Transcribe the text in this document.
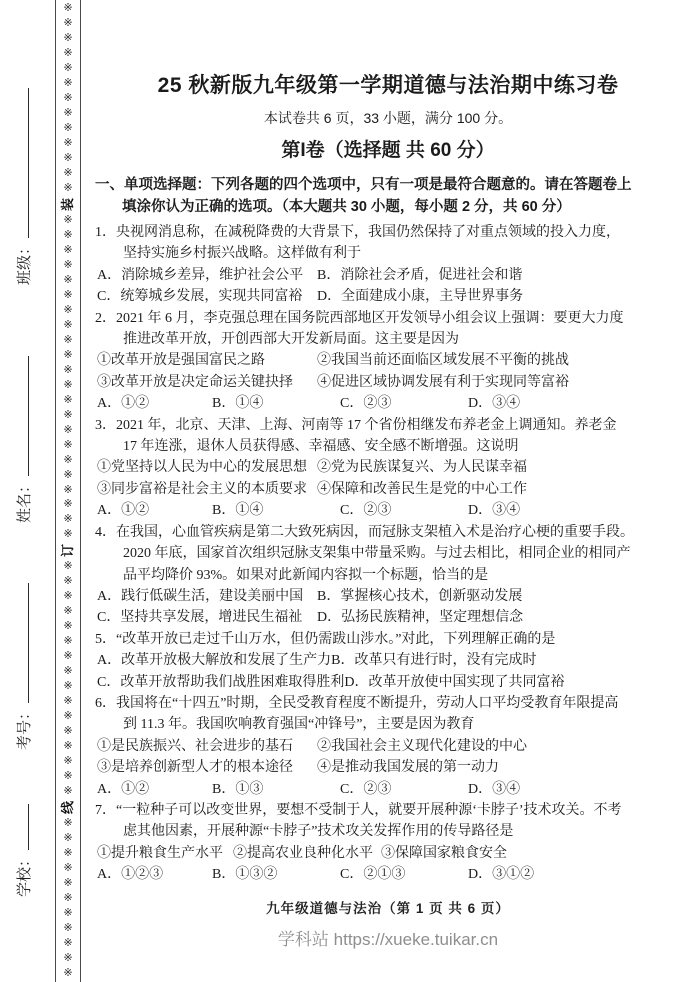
※
※
※
※
※
※
※
※
※
※
※
※
※
装
※
※
※
※
※
※
※
※
※
※
※
※
※
※
※
※
※
※
※
※
※
※
订
※
※
※
※
※
※
※
※
※
※
※
※
※
※
※
※
线
※
※
※
※
※
※
※
※
※
※
※
班级：
姓名：
考号：
学校：
25 秋新版九年级第一学期道德与法治期中练习卷
本试卷共 6 页，33 小题，满分 100 分。
第I卷（选择题 共 60 分）
一、单项选择题：下列各题的四个选项中，只有一项是最符合题意的。请在答题卷上
填涂你认为正确的选项。（本大题共 30 小题，每小题 2 分，共 60 分）
1．央视网消息称，在减税降费的大背景下，我国仍然保持了对重点领域的投入力度，
坚持实施乡村振兴战略。这样做有利于
A．消除城乡差异，维护社会公平 B．消除社会矛盾，促进社会和谐
C．统筹城乡发展，实现共同富裕 D．全面建成小康，主导世界事务
2．2021 年 6 月，李克强总理在国务院西部地区开发领导小组会议上强调：要更大力度
推进改革开放，开创西部大开发新局面。这主要是因为
①改革开放是强国富民之路	②我国当前还面临区域发展不平衡的挑战
③改革开放是决定命运关键抉择 ④促进区域协调发展有利于实现同等富裕
A．①②	B．①④	C．②③	D．③④
3．2021 年，北京、天津、上海、河南等 17 个省份相继发布养老金上调通知。养老金
17 年连涨，退休人员获得感、幸福感、安全感不断增强。这说明
①党坚持以人民为中心的发展思想 ②党为民族谋复兴、为人民谋幸福
③同步富裕是社会主义的本质要求 ④保障和改善民生是党的中心工作
A．①②	B．①④	C．②③	D．③④
4．在我国，心血管疾病是第二大致死病因，而冠脉支架植入术是治疗心梗的重要手段。
2020 年底，国家首次组织冠脉支架集中带量采购。与过去相比，相同企业的相同产
品平均降价 93%。如果对此新闻内容拟一个标题，恰当的是
A．践行低碳生活，建设美丽中国 B．掌握核心技术，创新驱动发展
C．坚持共享发展，增进民生福祉 D．弘扬民族精神，坚定理想信念
5．“改革开放已走过千山万水，但仍需跋山涉水。”对此，下列理解正确的是
A．改革开放极大解放和发展了生产力B．改革只有进行时，没有完成时
C．改革开放帮助我们战胜困难取得胜利D．改革开放使中国实现了共同富裕
6．我国将在“十四五”时期，全民受教育程度不断提升，劳动人口平均受教育年限提高
到 11.3 年。我国吹响教育强国“冲锋号”，主要是因为教育
①是民族振兴、社会进步的基石 ②我国社会主义现代化建设的中心
③是培养创新型人才的根本途径 ④是推动我国发展的第一动力
A．①②	B．①③	C．②③	D．③④
7．“一粒种子可以改变世界，要想不受制于人，就要开展种源‘卡脖子’技术攻关。不考
虑其他因素，开展种源“卡脖子”技术攻关发挥作用的传导路径是
①提升粮食生产水平 ②提高农业良种化水平 ③保障国家粮食安全
A．①②③	B．①③②	C．②①③	D．③①②
九年级道德与法治（第 1 页 共 6 页）
学科站 https://xueke.tuikar.cn
